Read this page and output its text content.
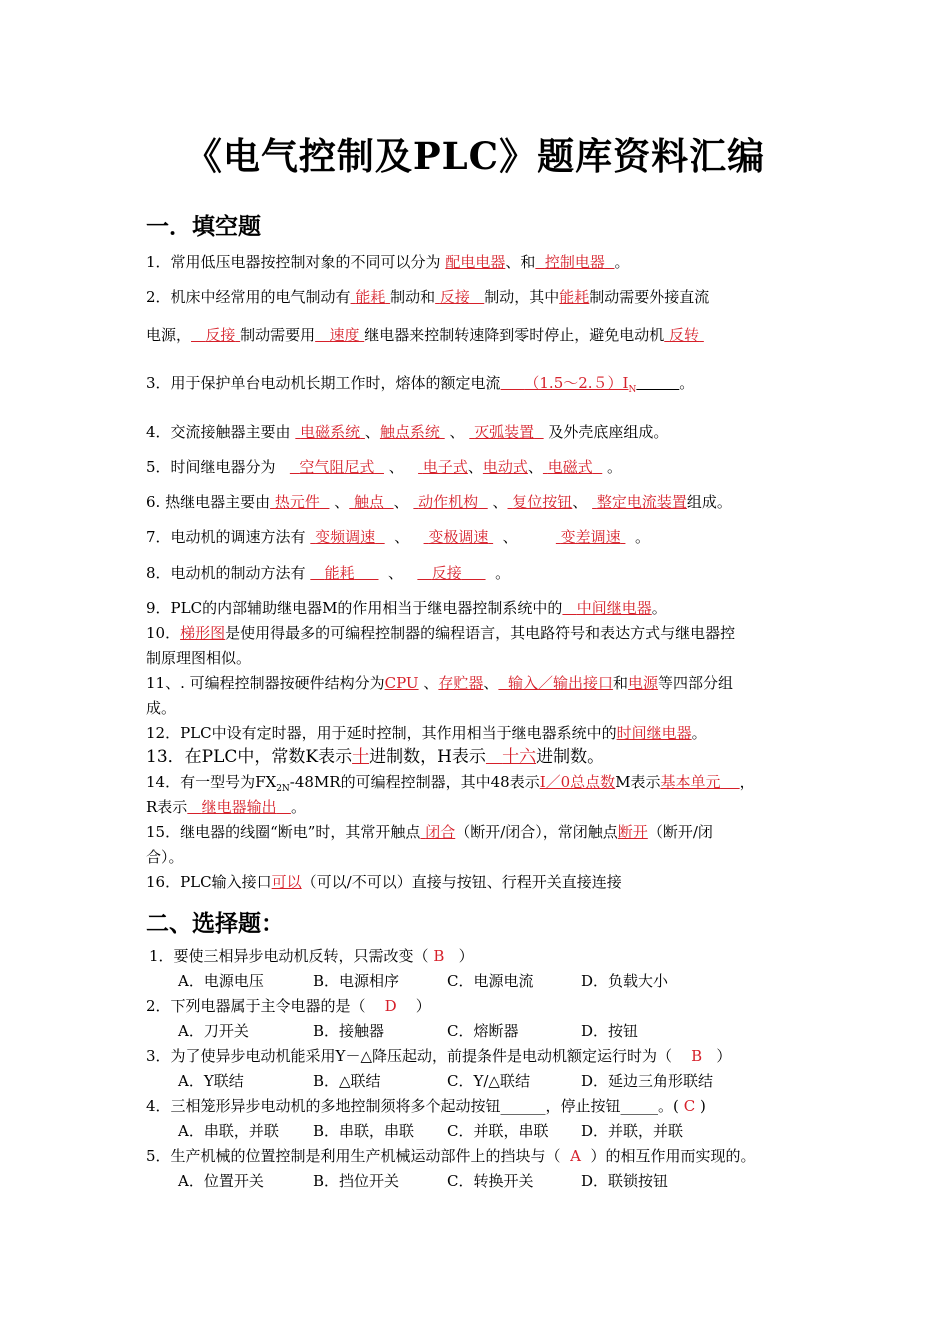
《电气控制及PLC》题库资料汇编
一．填空题
1．常用低压电器按控制对象的不同可以分为 配电电器、和 控制电器 。
2．机床中经常用的电气制动有 能耗 制动和 反接 制动，其中能耗制动需要外接直流
电源， 反接 制动需要用 速度 继电器来控制转速降到零时停止，避免电动机 反转
3．用于保护单台电动机长期工作时，熔体的额定电流 $(1.5\sim 2.5)I_N$	。
4．交流接触器主要由 电磁系统 、触点系统 、 灭弧装置 及外壳底座组成。
5．时间继电器分为 空气阻尼式 、 电子式、电动式、 电磁式 。
6. 热继电器主要由 热元件 、 触点 、 动作机构 、 复位按钮、 整定电流装置组成。
7．电动机的调速方法有 变频调速 、 变极调速 、	变差调速 。
8．电动机的制动方法有 能耗 、 反接 。
9．PLC的内部辅助继电器M的作用相当于继电器控制系统中的 中间继电器。
10．梯形图是使用得最多的可编程控制器的编程语言，其电路符号和表达方式与继电器控
制原理图相似。
11、. 可编程控制器按硬件结构分为CPU 、存贮器、 输入／输出接口和电源等四部分组
成。
12．PLC中设有定时器，用于延时控制，其作用相当于继电器系统中的时间继电器。
13．在PLC中，常数K表示十进制数，H表示 十六进制数。
14．有一型号为$FX_{2N}-48MR$的可编程控制器，其中48表示I／0总点数M表示基本单元 ，
R表示 继电器输出 。
15．继电器的线圈“断电”时，其常开触点 闭合（断开/闭合），常闭触点断开（断开/闭
合）。
16．PLC输入接口可以（可以/不可以）直接与按钮、行程开关直接连接
二、选择题：
1．要使三相异步电动机反转，只需改变（ B ）
A．电源电压	B．电源相序	C．电源电流	D．负载大小
2．下列电器属于主令电器的是（ D ）
A．刀开关	B．接触器	C．熔断器	D．按钮
3．为了使异步电动机能采用Y－△降压起动，前提条件是电动机额定运行时为（ B ）
A．Y联结	B．△联结	C．Y/△联结	D．延边三角形联结
4．三相笼形异步电动机的多地控制须将多个起动按钮______，停止按钮_____。( C )
A．串联，并联 B．串联，串联 C．并联，串联 D．并联，并联
5．生产机械的位置控制是利用生产机械运动部件上的挡块与（ A ）的相互作用而实现的。
A．位置开关	B．挡位开关	C．转换开关	D．联锁按钮
